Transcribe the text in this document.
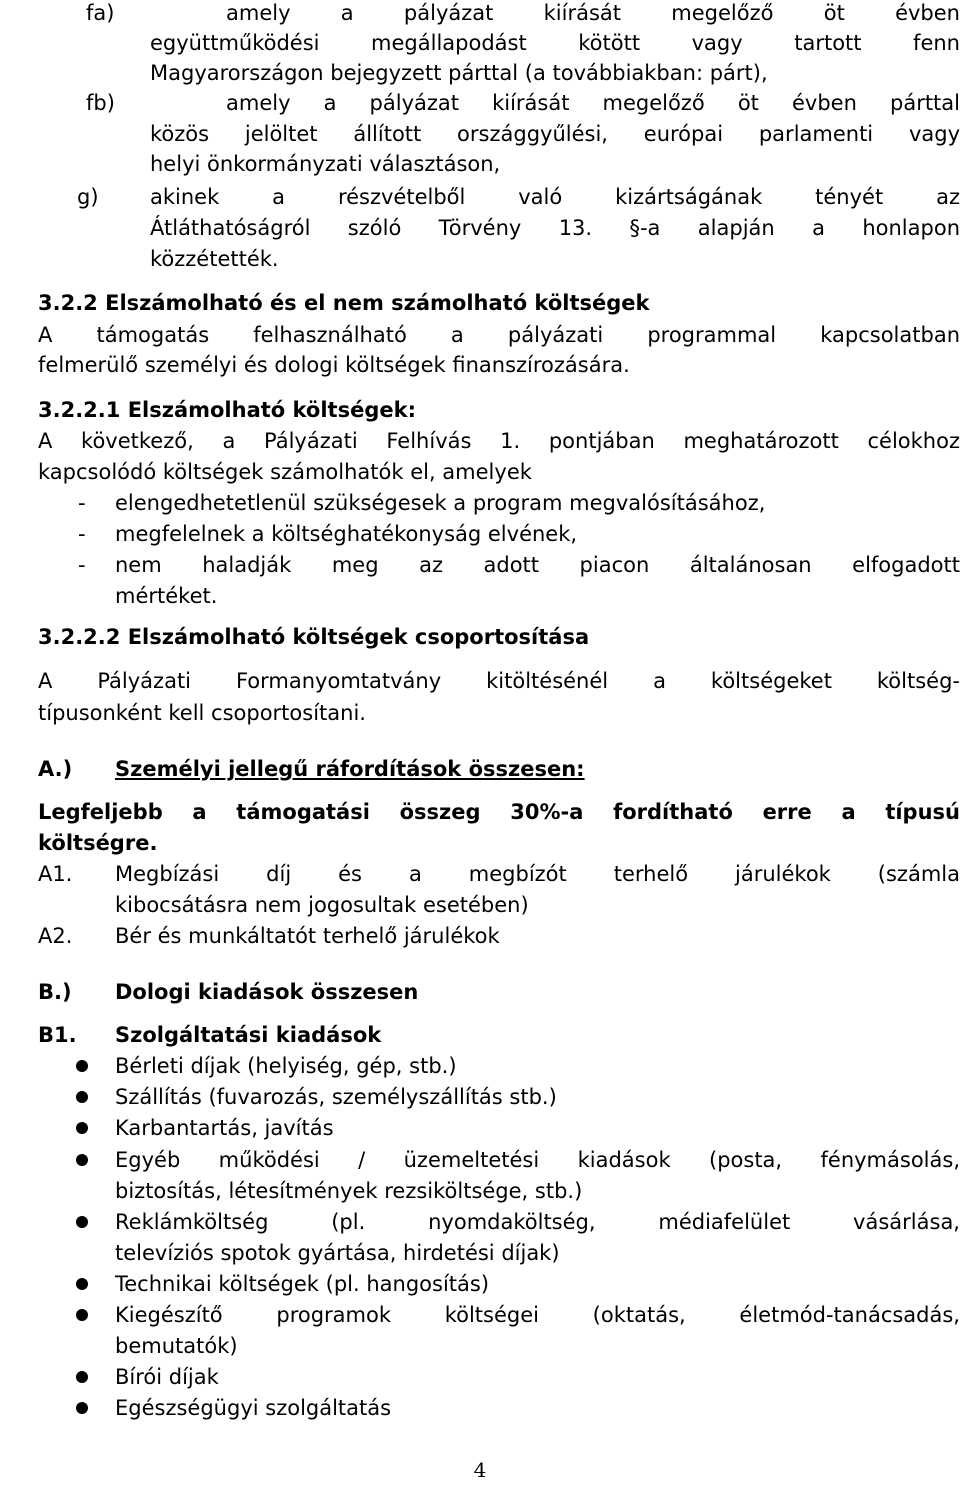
fa)	amely a pályázat kiírását megelőző öt évben
együttműködési megállapodást kötött vagy tartott fenn
Magyarországon bejegyzett párttal (a továbbiakban: párt),
fb)	amely a pályázat kiírását megelőző öt évben párttal
közös jelöltet állított országgyűlési, európai parlamenti vagy
helyi önkormányzati választáson,
g) akinek a részvételből való kizártságának tényét az
Átláthatóságról szóló Törvény 13. §-a alapján a honlapon
közzétették.
3.2.2 Elszámolható és el nem számolható költségek
A támogatás felhasználható a pályázati programmal kapcsolatban
felmerülő személyi és dologi költségek finanszírozására.
3.2.2.1 Elszámolható költségek:
A következő, a Pályázati Felhívás 1. pontjában meghatározott célokhoz
kapcsolódó költségek számolhatók el, amelyek
- elengedhetetlenül szükségesek a program megvalósításához,
- megfelelnek a költséghatékonyság elvének,
- nem haladják meg az adott piacon általánosan elfogadott
mértéket.
3.2.2.2 Elszámolható költségek csoportosítása
A Pályázati Formanyomtatvány kitöltésénél a költségeket költség-
típusonként kell csoportosítani.
A.) Személyi jellegű ráfordítások összesen:
Legfeljebb a támogatási összeg 30%-a fordítható erre a típusú
költségre.
A1. Megbízási díj és a megbízót terhelő járulékok (számla
kibocsátásra nem jogosultak esetében)
A2. Bér és munkáltatót terhelő járulékok
B.) Dologi kiadások összesen
B1. Szolgáltatási kiadások
Bérleti díjak (helyiség, gép, stb.)
Szállítás (fuvarozás, személyszállítás stb.)
Karbantartás, javítás
Egyéb működési / üzemeltetési kiadások (posta, fénymásolás,
biztosítás, létesítmények rezsiköltsége, stb.)
Reklámköltség (pl. nyomdaköltség, médiafelület vásárlása,
televíziós spotok gyártása, hirdetési díjak)
Technikai költségek (pl. hangosítás)
Kiegészítő programok költségei (oktatás, életmód-tanácsadás,
bemutatók)
Bírói díjak
Egészségügyi szolgáltatás
4
